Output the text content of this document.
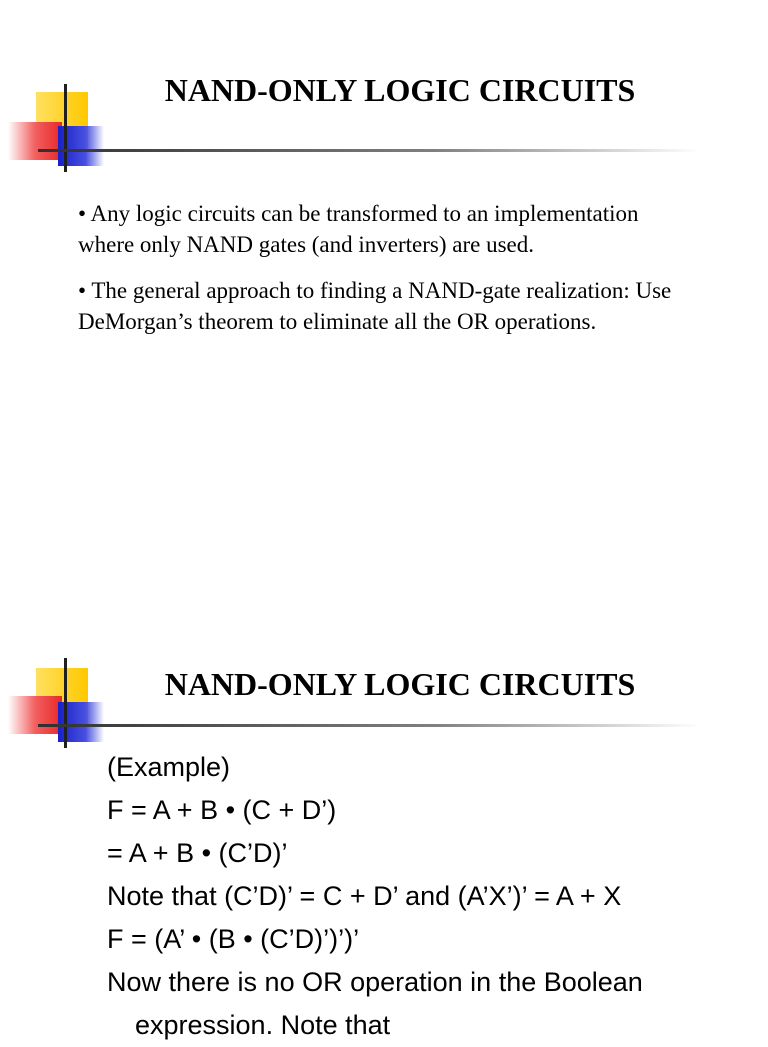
NAND-ONLY LOGIC CIRCUITS
• Any logic circuits can be transformed to an implementation where only NAND gates (and inverters) are used.
• The general approach to finding a NAND-gate realization: Use DeMorgan’s theorem to eliminate all the OR operations.
NAND-ONLY LOGIC CIRCUITS
(Example)
F = A + B • (C + D’)
= A + B • (C’D)’
Note that (C’D)’ = C + D’ and (A’X’)’ = A + X
F = (A’ • (B • (C’D)’)’)’
Now there is no OR operation in the Boolean
expression. Note that
